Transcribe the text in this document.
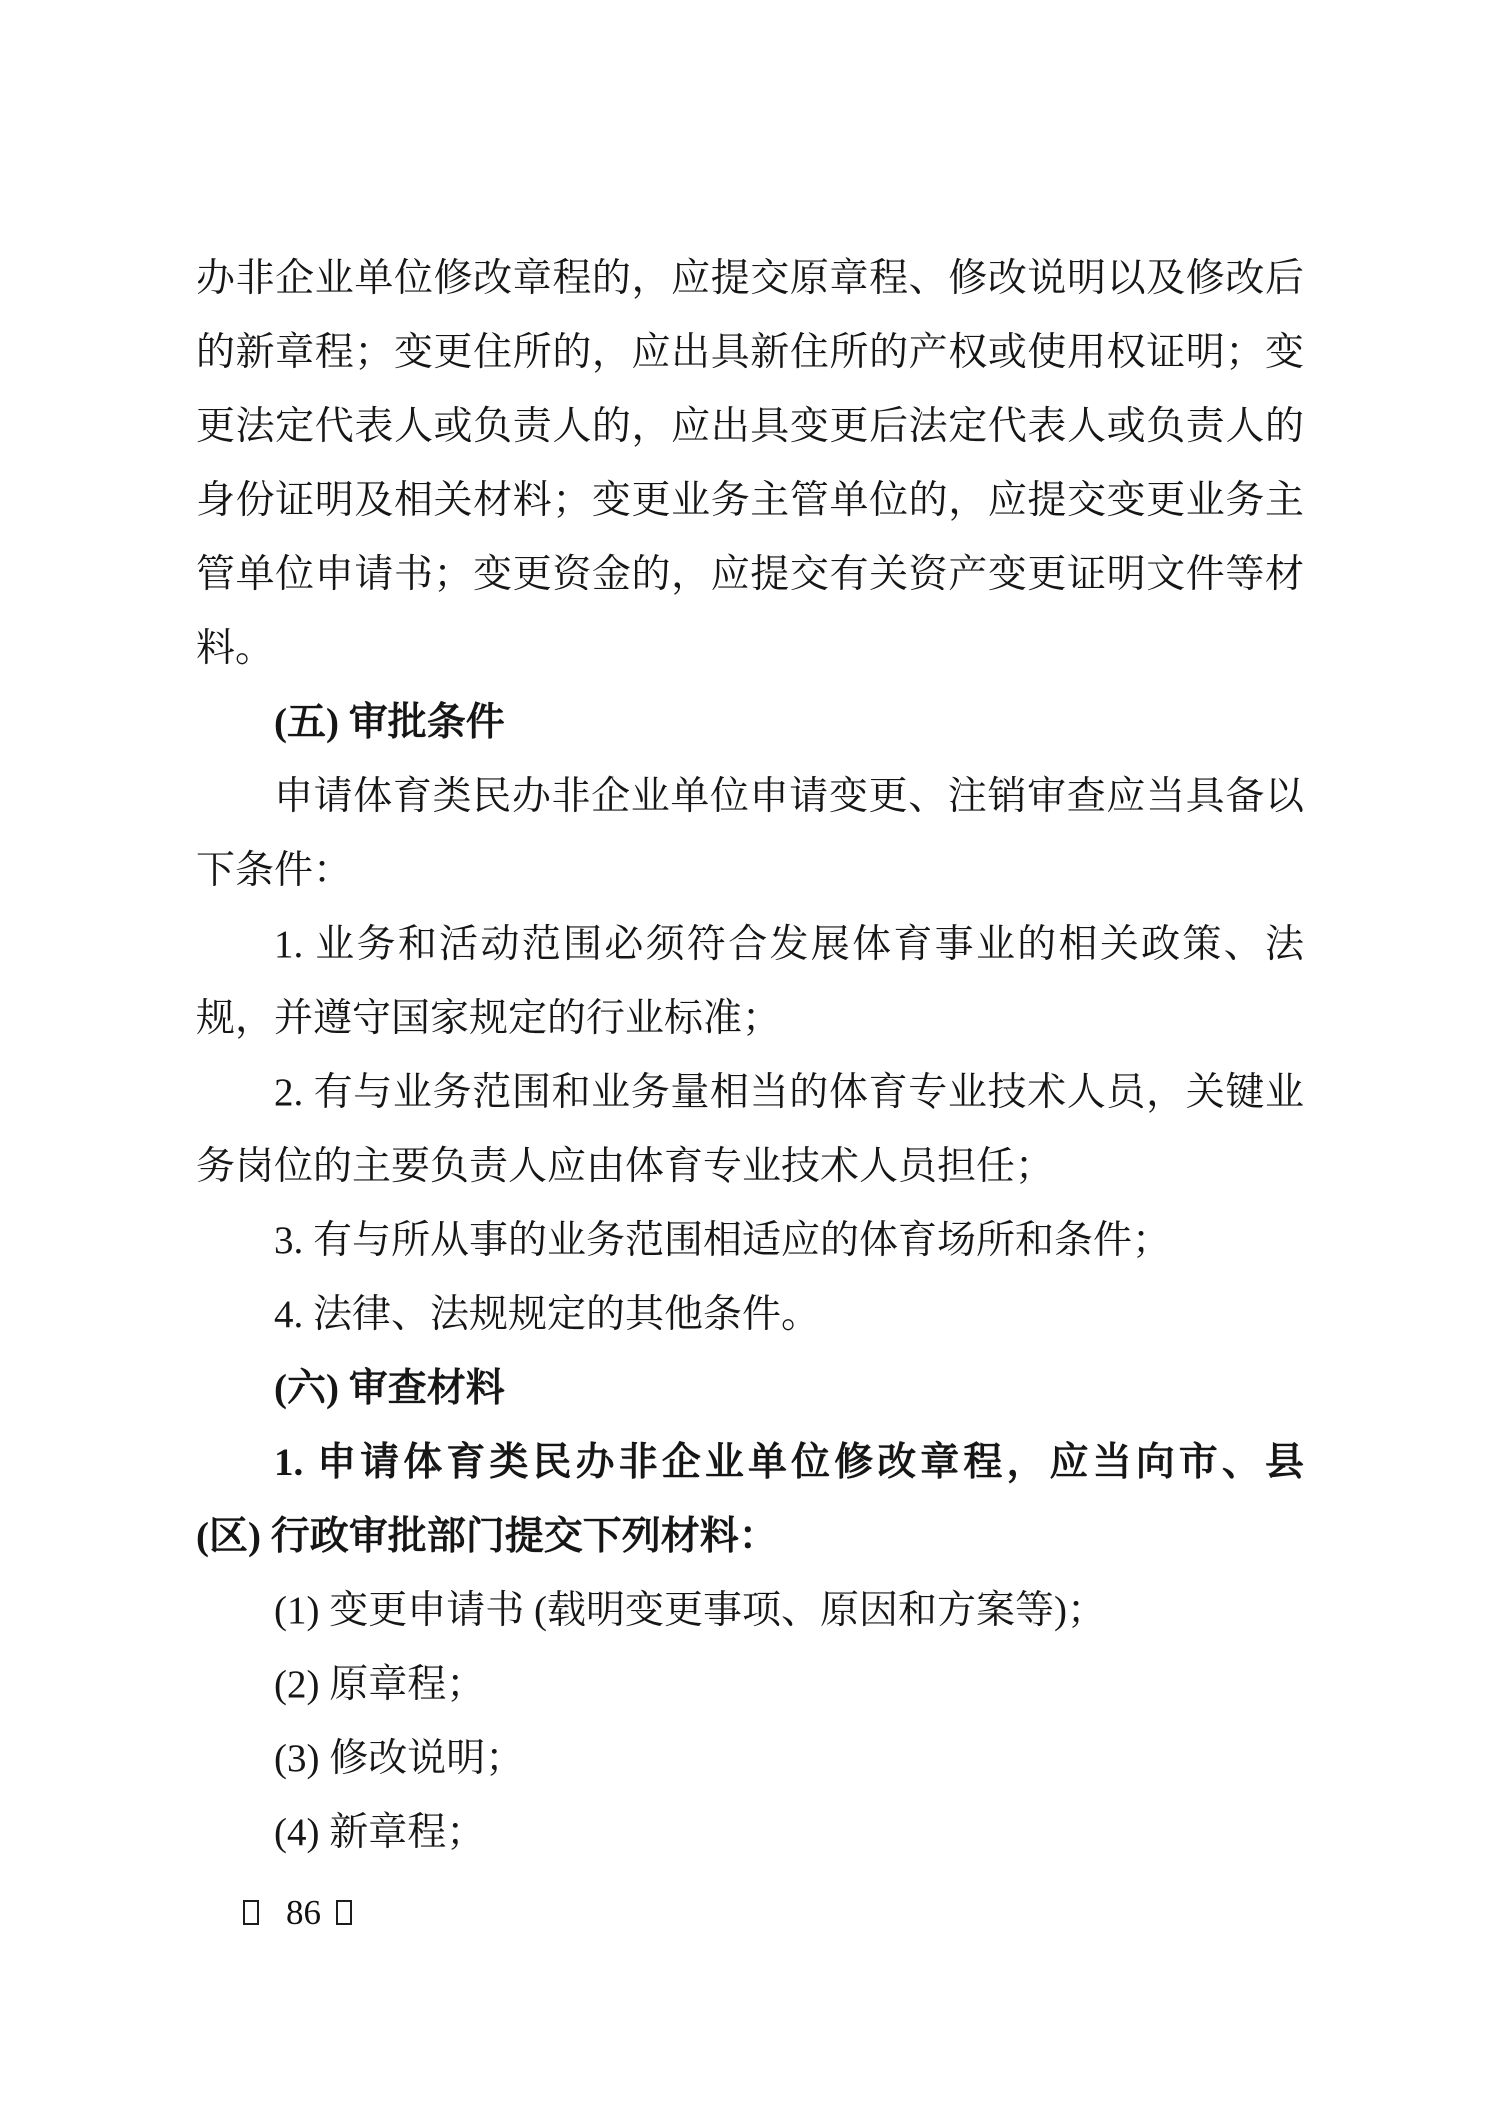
办非企业单位修改章程的，应提交原章程、修改说明以及修改后
的新章程；变更住所的，应出具新住所的产权或使用权证明；变
更法定代表人或负责人的，应出具变更后法定代表人或负责人的
身份证明及相关材料；变更业务主管单位的，应提交变更业务主
管单位申请书；变更资金的，应提交有关资产变更证明文件等材
料。
(五) 审批条件
申请体育类民办非企业单位申请变更、注销审查应当具备以
下条件：
1. 业务和活动范围必须符合发展体育事业的相关政策、法
规，并遵守国家规定的行业标准；
2. 有与业务范围和业务量相当的体育专业技术人员，关键业
务岗位的主要负责人应由体育专业技术人员担任；
3. 有与所从事的业务范围相适应的体育场所和条件；
4. 法律、法规规定的其他条件。
(六) 审查材料
1. 申请体育类民办非企业单位修改章程，应当向市、县
(区) 行政审批部门提交下列材料：
(1) 变更申请书 (载明变更事项、原因和方案等)；
(2) 原章程；
(3) 修改说明；
(4) 新章程；
86
